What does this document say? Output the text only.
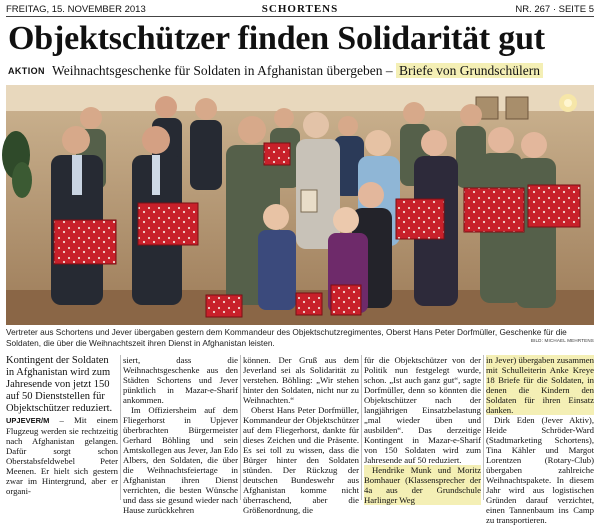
FREITAG, 15. NOVEMBER 2013	SCHORTENS	NR. 267 · SEITE 5
Objektschützer finden Solidarität gut
AKTION Weihnachtsgeschenke für Soldaten in Afghanistan übergeben – Briefe von Grundschülern
Vertreter aus Schortens und Jever übergaben gestern dem Kommandeur des Objektschutzregimentes, Oberst Hans Peter Dorfmüller, Geschenke für die Soldaten, die über die Weihnachtszeit ihren Dienst in Afghanistan leisten.	BILD: MICHAEL MEHRTENS

Kontingent der Soldaten in Afghanistan wird zum Jahresende von jetzt 150 auf 50 Dienststellen für Objektschützer reduziert.

UPJEVER/M – Mit einem Flugzeug werden sie rechtzeitig nach Afghanistan gelangen. Dafür sorgt schon Oberstabsfeldwebel Peter Meenen. Er hielt sich gestern zwar im Hintergrund, aber er organi-

siert, dass die Weihnachtsgeschenke aus den Städten Schortens und Jever pünktlich in Mazar-e-Sharif ankommen.

Im Offiziersheim auf dem Fliegerhorst in Upjever überbrachten Bürgermeister Gerhard Böhling und sein Amtskollegen aus Jever, Jan Edo Albers, den Soldaten, die über die Weihnachtsfeiertage in Afghanistan ihren Dienst verrichten, die besten Wünsche und dass sie gesund wieder nach Hause zurückkehren

können. Der Gruß aus dem Jeverland sei als Solidarität zu verstehen. Böhling: „Wir stehen hinter den Soldaten, nicht nur zu Weihnachten.“

Oberst Hans Peter Dorfmüller, Kommandeur der Objektschützer auf dem Fliegerhorst, dankte für dieses Zeichen und die Präsente. Es sei toll zu wissen, dass die Bürger hinter den Soldaten stünden. Der Rückzug der deutschen Bundeswehr aus Afghanistan komme nicht überraschend, aber die Größenordnung, die

für die Objektschützer von der Politik nun festgelegt wurde, schon. „Ist auch ganz gut“, sagte Dorfmüller, denn so könnten die Objektschützer nach der langjährigen Einsatzbelastung „mal wieder üben und ausbilden“. Das derzeitige Kontingent in Mazar-e-Sharif von 150 Soldaten wird zum Jahresende auf 50 reduziert.

Hendrike Munk und Moritz Bomhauer (Klassensprecher der 4a aus der Grundschule Harlinger Weg

in Jever) übergaben zusammen mit Schulleiterin Anke Kreye 18 Briefe für die Soldaten, in denen die Kindern den Soldaten für ihren Einsatz danken.

Dirk Eden (Jever Aktiv), Heide Schröder-Ward (Stadtmarketing Schortens), Tina Kähler und Margot Lorentzen (Rotary-Club) übergaben zahlreiche Weihnachtspakete. In diesem Jahr wird aus logistischen Gründen darauf verzichtet, einen Tannenbaum ins Camp zu transportieren.
